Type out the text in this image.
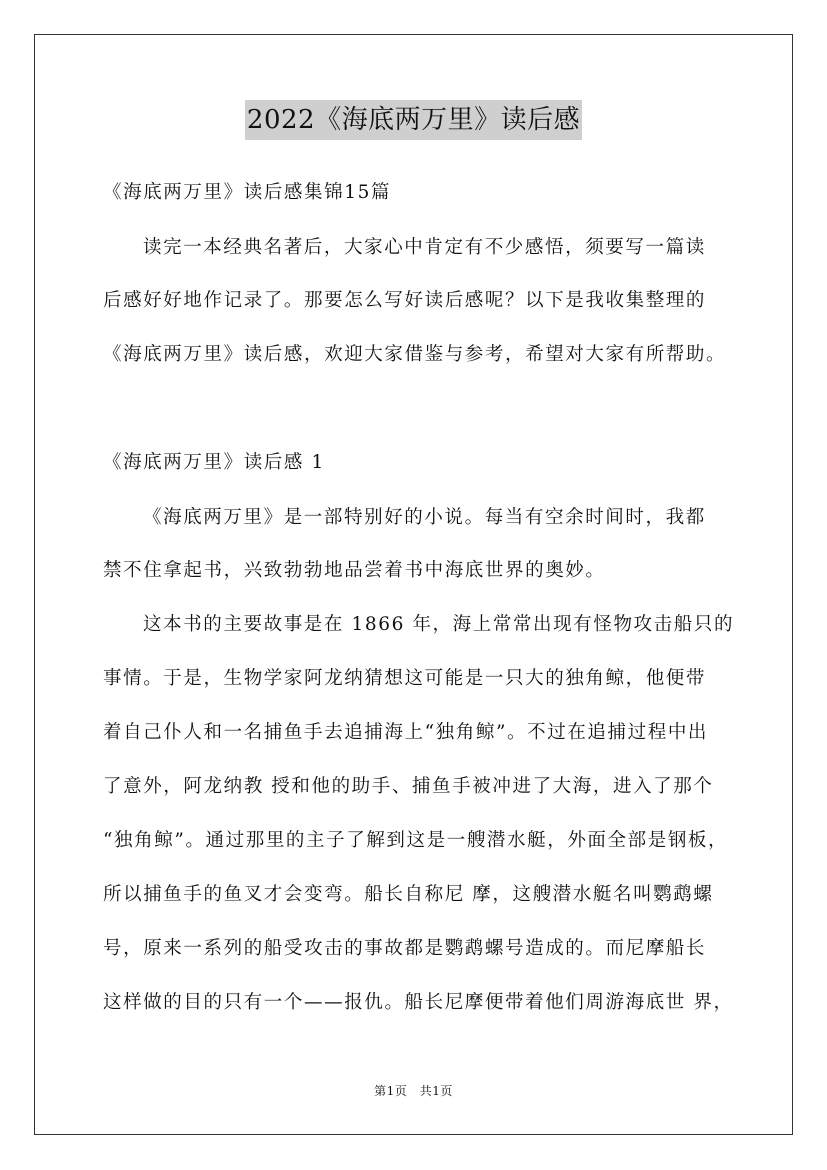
2022《海底两万里》读后感
《海底两万里》读后感集锦15篇
读完一本经典名著后，大家心中肯定有不少感悟，须要写一篇读
后感好好地作记录了。那要怎么写好读后感呢？以下是我收集整理的
《海底两万里》读后感，欢迎大家借鉴与参考，希望对大家有所帮助。
《海底两万里》读后感 1
《海底两万里》是一部特别好的小说。每当有空余时间时，我都
禁不住拿起书，兴致勃勃地品尝着书中海底世界的奥妙。
这本书的主要故事是在 1866 年，海上常常出现有怪物攻击船只的
事情。于是，生物学家阿龙纳猜想这可能是一只大的独角鲸，他便带
着自己仆人和一名捕鱼手去追捕海上“独角鲸”。不过在追捕过程中出
了意外，阿龙纳教 授和他的助手、捕鱼手被冲进了大海，进入了那个
“独角鲸”。通过那里的主子了解到这是一艘潜水艇，外面全部是钢板，
所以捕鱼手的鱼叉才会变弯。船长自称尼 摩，这艘潜水艇名叫鹦鹉螺
号，原来一系列的船受攻击的事故都是鹦鹉螺号造成的。而尼摩船长
这样做的目的只有一个——报仇。船长尼摩便带着他们周游海底世 界，
第1页　共1页
